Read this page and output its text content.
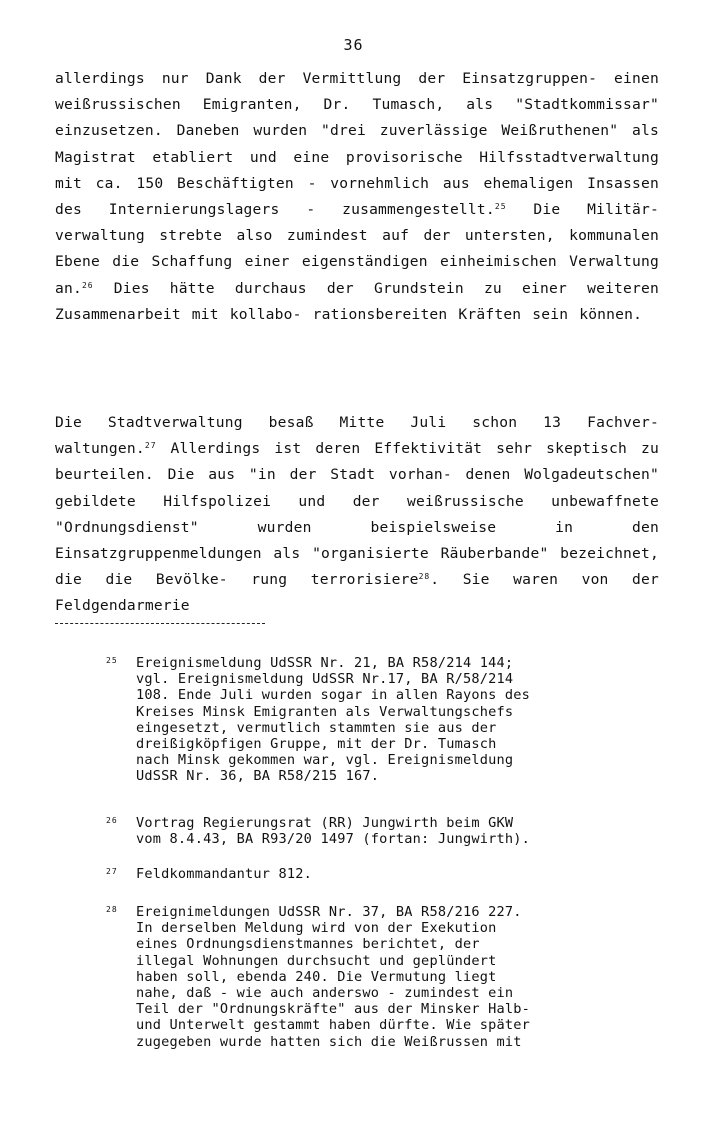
36
allerdings nur Dank der Vermittlung der Einsatzgruppen- einen weißrussischen Emigranten, Dr. Tumasch, als "Stadtkommissar" einzusetzen. Daneben wurden "drei zuverlässige Weißruthenen" als Magistrat etabliert und eine provisorische Hilfsstadtverwaltung mit ca. 150 Beschäftigten - vornehmlich aus ehemaligen Insassen des Internierungslagers - zusammengestellt.$^{25}$ Die Militär- verwaltung strebte also zumindest auf der untersten, kommunalen Ebene die Schaffung einer eigenständigen einheimischen Verwaltung an.$^{26}$ Dies hätte durchaus der Grundstein zu einer weiteren Zusammenarbeit mit kollabo- rationsbereiten Kräften sein können.
Die Stadtverwaltung besaß Mitte Juli schon 13 Fachver- waltungen.$^{27}$ Allerdings ist deren Effektivität sehr skeptisch zu beurteilen. Die aus "in der Stadt vorhan- denen Wolgadeutschen" gebildete Hilfspolizei und der weißrussische unbewaffnete "Ordnungsdienst" wurden beispielsweise in den Einsatzgruppenmeldungen als "organisierte Räuberbande" bezeichnet, die die Bevölke- rung terrorisiere$^{28}$. Sie waren von der Feldgendarmerie
25 Ereignismeldung UdSSR Nr. 21, BA R58/214 144;
vgl. Ereignismeldung UdSSR Nr.17, BA R/58/214
108. Ende Juli wurden sogar in allen Rayons des
Kreises Minsk Emigranten als Verwaltungschefs
eingesetzt, vermutlich stammten sie aus der
dreißigköpfigen Gruppe, mit der Dr. Tumasch
nach Minsk gekommen war, vgl. Ereignismeldung
UdSSR Nr. 36, BA R58/215 167.
26 Vortrag Regierungsrat (RR) Jungwirth beim GKW
vom 8.4.43, BA R93/20 1497 (fortan: Jungwirth).
27 Feldkommandantur 812.
28 Ereignimeldungen UdSSR Nr. 37, BA R58/216 227.
In derselben Meldung wird von der Exekution
eines Ordnungsdienstmannes berichtet, der
illegal Wohnungen durchsucht und geplündert
haben soll, ebenda 240. Die Vermutung liegt
nahe, daß - wie auch anderswo - zumindest ein
Teil der "Ordnungskräfte" aus der Minsker Halb-
und Unterwelt gestammt haben dürfte. Wie später
zugegeben wurde hatten sich die Weißrussen mit
